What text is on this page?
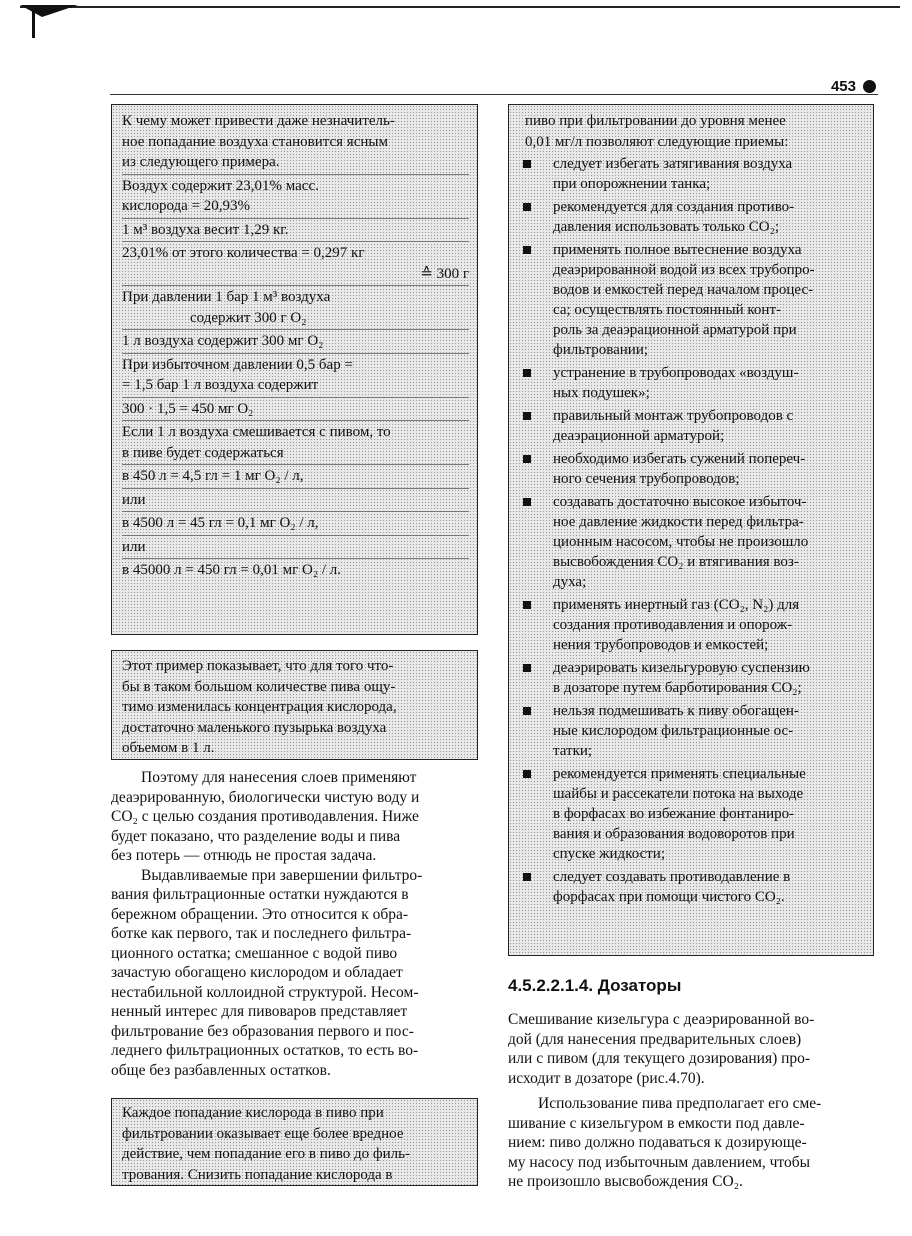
453
К чему может привести даже незначитель-
ное попадание воздуха становится ясным
из следующего примера.
Воздух содержит 23,01% масс.
кислорода = 20,93%
1 м³ воздуха весит 1,29 кг.
23,01% от этого количества = 0,297 кг
≙ 300 г
При давлении 1 бар 1 м³ воздуха
содержит 300 г O₂
1 л воздуха содержит 300 мг O₂
При избыточном давлении 0,5 бар =
= 1,5 бар 1 л воздуха содержит
300 · 1,5 = 450 мг O₂
Если 1 л воздуха смешивается с пивом, то
в пиве будет содержаться
в 450 л = 4,5 гл = 1 мг O₂ / л,
или
в 4500 л = 45 гл = 0,1 мг O₂ / л,
или
в 45000 л = 450 гл = 0,01 мг O₂ / л.
Этот пример показывает, что для того что-
бы в таком большом количестве пива ощу-
тимо изменилась концентрация кислорода,
достаточно маленького пузырька воздуха
объемом в 1 л.
Поэтому для нанесения слоев применяют
деаэрированную, биологически чистую воду и
CO₂ с целью создания противодавления. Ниже
будет показано, что разделение воды и пива
без потерь — отнюдь не простая задача.
Выдавливаемые при завершении фильтро-
вания фильтрационные остатки нуждаются в
бережном обращении. Это относится к обра-
ботке как первого, так и последнего фильтра-
ционного остатка; смешанное с водой пиво
зачастую обогащено кислородом и обладает
нестабильной коллоидной структурой. Несом-
ненный интерес для пивоваров представляет
фильтрование без образования первого и пос-
леднего фильтрационных остатков, то есть во-
обще без разбавленных остатков.
Каждое попадание кислорода в пиво при
фильтровании оказывает еще более вредное
действие, чем попадание его в пиво до филь-
трования. Снизить попадание кислорода в
пиво при фильтровании до уровня менее
0,01 мг/л позволяют следующие приемы:
следует избегать затягивания воздуха
при опорожнении танка;
рекомендуется для создания противо-
давления использовать только CO₂;
применять полное вытеснение воздуха
деаэрированной водой из всех трубопро-
водов и емкостей перед началом процес-
са; осуществлять постоянный конт-
роль за деаэрационной арматурой при
фильтровании;
устранение в трубопроводах «воздуш-
ных подушек»;
правильный монтаж трубопроводов с
деаэрационной арматурой;
необходимо избегать сужений попереч-
ного сечения трубопроводов;
создавать достаточно высокое избыточ-
ное давление жидкости перед фильтра-
ционным насосом, чтобы не произошло
высвобождения CO₂ и втягивания воз-
духа;
применять инертный газ (CO₂, N₂) для
создания противодавления и опорож-
нения трубопроводов и емкостей;
деаэрировать кизельгуровую суспензию
в дозаторе путем барботирования CO₂;
нельзя подмешивать к пиву обогащен-
ные кислородом фильтрационные ос-
татки;
рекомендуется применять специальные
шайбы и рассекатели потока на выходе
в форфасах во избежание фонтаниро-
вания и образования водоворотов при
спуске жидкости;
следует создавать противодавление в
форфасах при помощи чистого CO₂.
4.5.2.2.1.4. Дозаторы
Смешивание кизельгура с деаэрированной во-
дой (для нанесения предварительных слоев)
или с пивом (для текущего дозирования) про-
исходит в дозаторе (рис.4.70).
Использование пива предполагает его сме-
шивание с кизельгуром в емкости под давле-
нием: пиво должно подаваться к дозирующе-
му насосу под избыточным давлением, чтобы
не произошло высвобождения CO₂.
